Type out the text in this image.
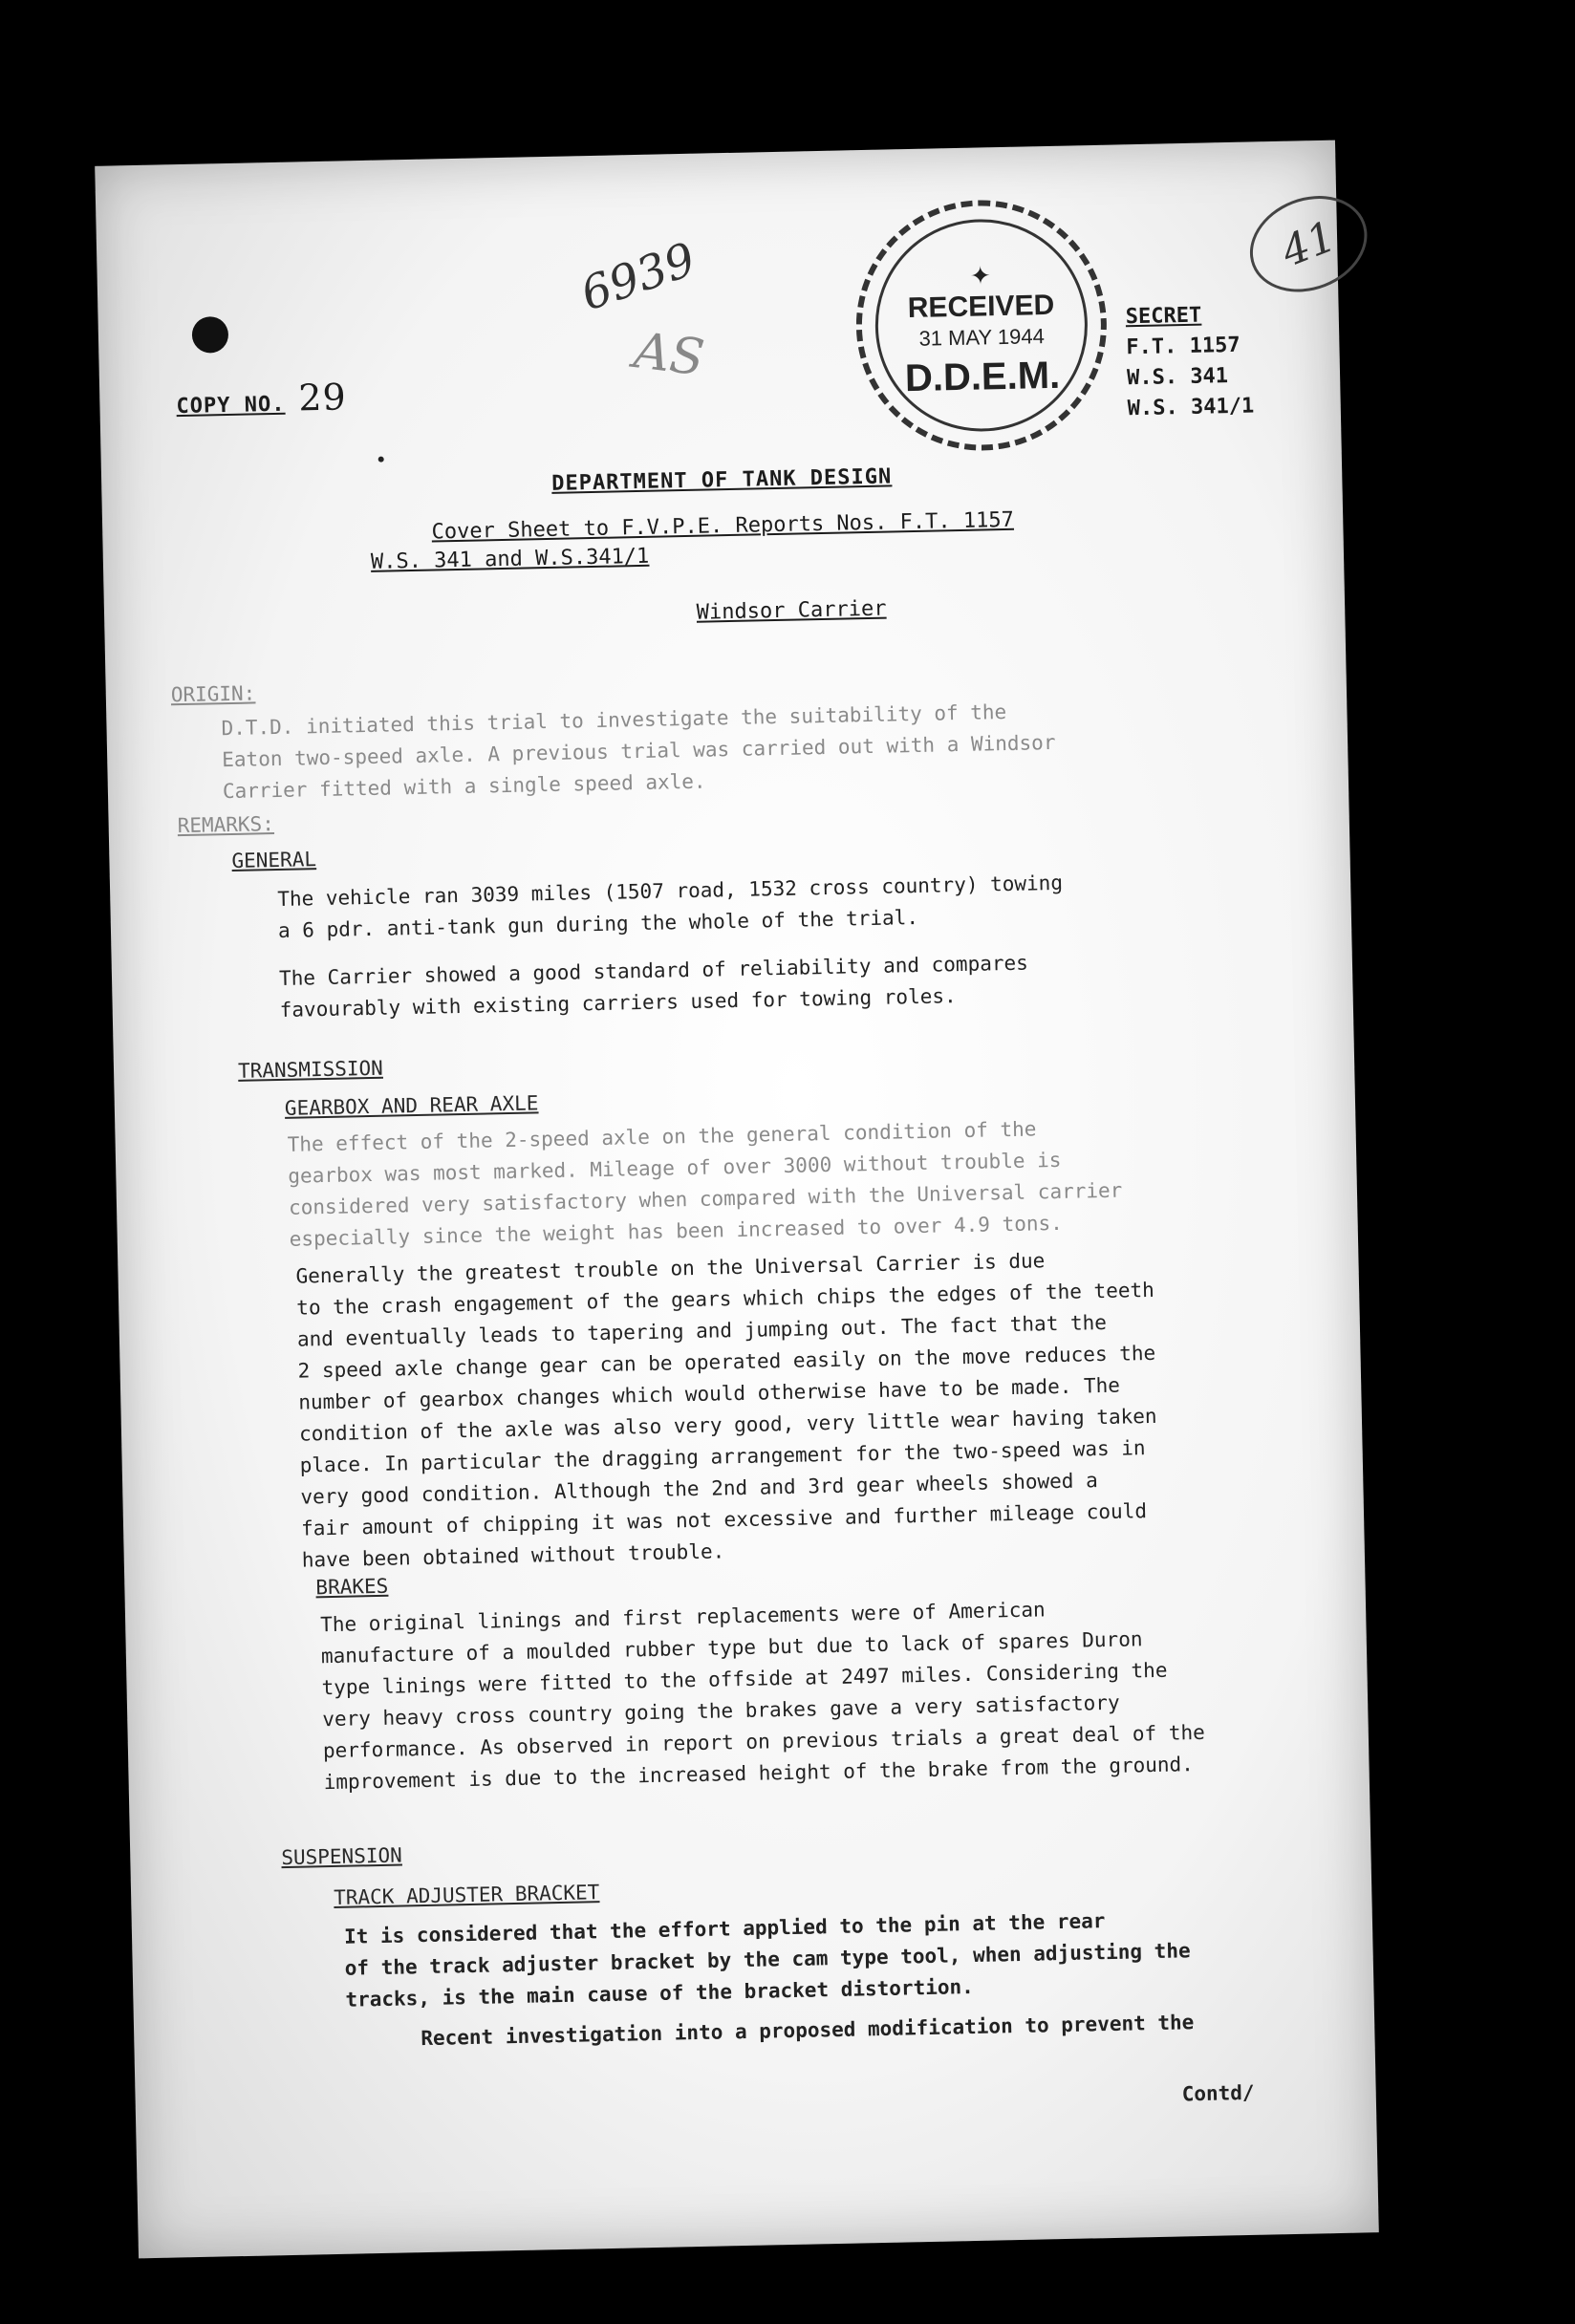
COPY NO. 29
6939
AS
41
✦
RECEIVED
31 MAY 1944
D.D.E.M.
SECRET
F.T. 1157
W.S. 341
W.S. 341/1
DEPARTMENT OF TANK DESIGN
Cover Sheet to F.V.P.E. Reports Nos. F.T. 1157
W.S. 341 and W.S.341/1
Windsor Carrier
ORIGIN:
D.T.D. initiated this trial to investigate the suitability of the
Eaton two-speed axle. A previous trial was carried out with a Windsor
Carrier fitted with a single speed axle.
REMARKS:
GENERAL
The vehicle ran 3039 miles (1507 road, 1532 cross country) towing
a 6 pdr. anti-tank gun during the whole of the trial.
The Carrier showed a good standard of reliability and compares
favourably with existing carriers used for towing roles.
TRANSMISSION
GEARBOX AND REAR AXLE
The effect of the 2-speed axle on the general condition of the
gearbox was most marked. Mileage of over 3000 without trouble is
considered very satisfactory when compared with the Universal carrier
especially since the weight has been increased to over 4.9 tons.
Generally the greatest trouble on the Universal Carrier is due
to the crash engagement of the gears which chips the edges of the teeth
and eventually leads to tapering and jumping out. The fact that the
2 speed axle change gear can be operated easily on the move reduces the
number of gearbox changes which would otherwise have to be made. The
condition of the axle was also very good, very little wear having taken
place. In particular the dragging arrangement for the two-speed was in
very good condition. Although the 2nd and 3rd gear wheels showed a
fair amount of chipping it was not excessive and further mileage could
have been obtained without trouble.
BRAKES
The original linings and first replacements were of American
manufacture of a moulded rubber type but due to lack of spares Duron
type linings were fitted to the offside at 2497 miles. Considering the
very heavy cross country going the brakes gave a very satisfactory
performance. As observed in report on previous trials a great deal of the
improvement is due to the increased height of the brake from the ground.
SUSPENSION
TRACK ADJUSTER BRACKET
It is considered that the effort applied to the pin at the rear
of the track adjuster bracket by the cam type tool, when adjusting the
tracks, is the main cause of the bracket distortion.
Recent investigation into a proposed modification to prevent the
Contd/
